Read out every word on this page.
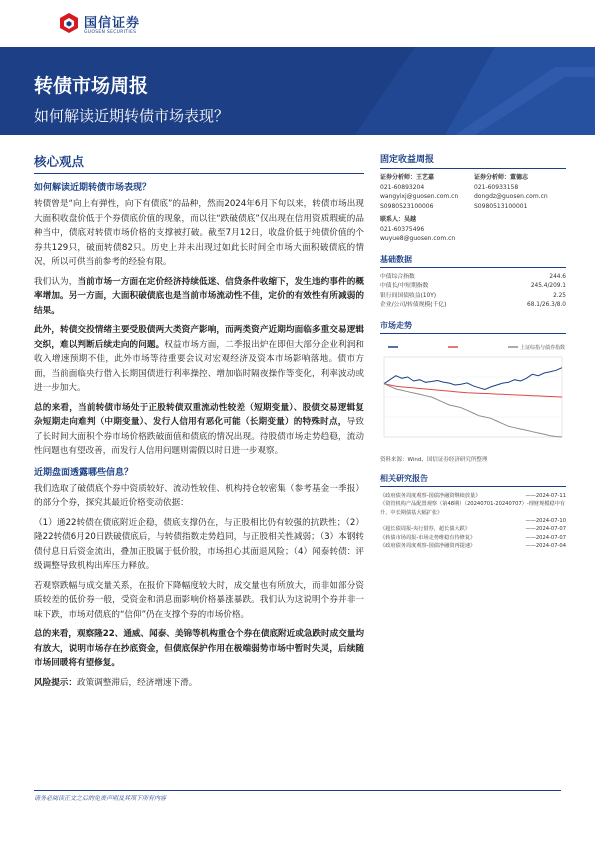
国信证券
GUOSEN SECURITIES
转债市场周报
如何解读近期转债市场表现？
核心观点
如何解读近期转债市场表现？

转债曾是“向上有弹性，向下有债底”的品种，然而2024年6月下旬以来，转债市场出现大面积收盘价低于个券债底价值的现象，而以往“跌破债底”仅出现在信用资质瑕疵的品种当中，债底对转债市场价格的支撑被打破。截至7月12日，收盘价低于纯债价值的个券共129只，破面转债82只。历史上并未出现过如此长时间全市场大面积破债底的情况，所以可供当前参考的经验有限。

我们认为，当前市场一方面在定价经济持续低迷、信贷条件收缩下，发生违约事件的概率增加。另一方面，大面积破债底也是当前市场流动性不佳，定价的有效性有所减弱的结果。

此外，转债交投情绪主要受股债两大类资产影响，而两类资产近期均面临多重交易逻辑交织，难以判断后续走向的问题。权益市场方面，二季报出炉在即但大部分企业利润和收入增速预期不佳，此外市场等待重要会议对宏观经济及资本市场影响落地。债市方面，当前面临央行借入长期国债进行利率操控、增加临时隔夜操作等变化，利率波动或进一步加大。

总的来看，当前转债市场处于正股转债双重流动性较差（短期变量）、股债交易逻辑复杂短期走向难判（中期变量）、发行人信用有恶化可能（长期变量）的特殊时点，导致了长时间大面积个券市场价格跌破面值和债底的情况出现。待股债市场走势趋稳，流动性问题也有望改善，而发行人信用问题则需假以时日进一步观察。

近期盘面透露哪些信息？

我们选取了破债底个券中资质较好、流动性较佳、机构持仓较密集（参考基金一季报）的部分个券，探究其最近价格变动依据：

（1）通22转债在债底附近企稳，债底支撑仍在，与正股相比仍有较强的抗跌性；（2）隆22转债6月20日跌破债底后，与转债指数走势趋同，与正股相关性减弱；（3）本钢转债付息日后资金流出，叠加正股属于低价股，市场担心其面退风险；（4）闻泰转债：评级调整导致机构出库压力释放。

若观察跌幅与成交量关系，在报价下降幅度较大时，成交量也有所放大，而非如部分资质较差的低价券一般，受资金和消息面影响价格暴涨暴跌。我们认为这说明个券并非一味下跌，市场对债底的“信仰”仍在支撑个券的市场价格。

总的来看，观察隆22、通威、闻泰、美锦等机构重仓个券在债底附近或急跌时成交量均有放大，说明市场存在抄底资金，但债底保护作用在极端弱势市场中暂时失灵，后续随市场回暖将有望修复。

风险提示：政策调整滞后，经济增速下滑。
固定收益周报
证券分析师：王艺嘉
021-60893204
wangyixj@guosen.com.cn
S0980523100006
证券分析师：董德志
021-60933158
dongdz@guosen.com.cn
S0980513100001
联系人：吴越
021-60375496
wuyue8@guosen.com.cn
基础数据
中债综合指数	244.6
中债长/中短期指数	245.4/209.1
银行间国债收益(10Y)	2.25
企业/公司/转债规模(千亿)	68.1/26.3/8.0
市场走势
上证综指与债券指数
资料来源：Wind、国信证券经济研究所整理
相关研究报告
《政府债务周度观察-国债净融资继续放量》	——2024-07-11
《资管机构产品配置观察（第48期）（20240701-20240707）-理财规模稳中有升、中长期债基大幅扩张》
——2024-07-10
《超长债周报-央行借券，超长债大跌》	——2024-07-07
《转债市场周报-市场走势维稳有待修复》	——2024-07-07
《政府债务周度观察-国债净融资再提速》	——2024-07-04
请务必阅读正文之后的免责声明及其项下所有内容
